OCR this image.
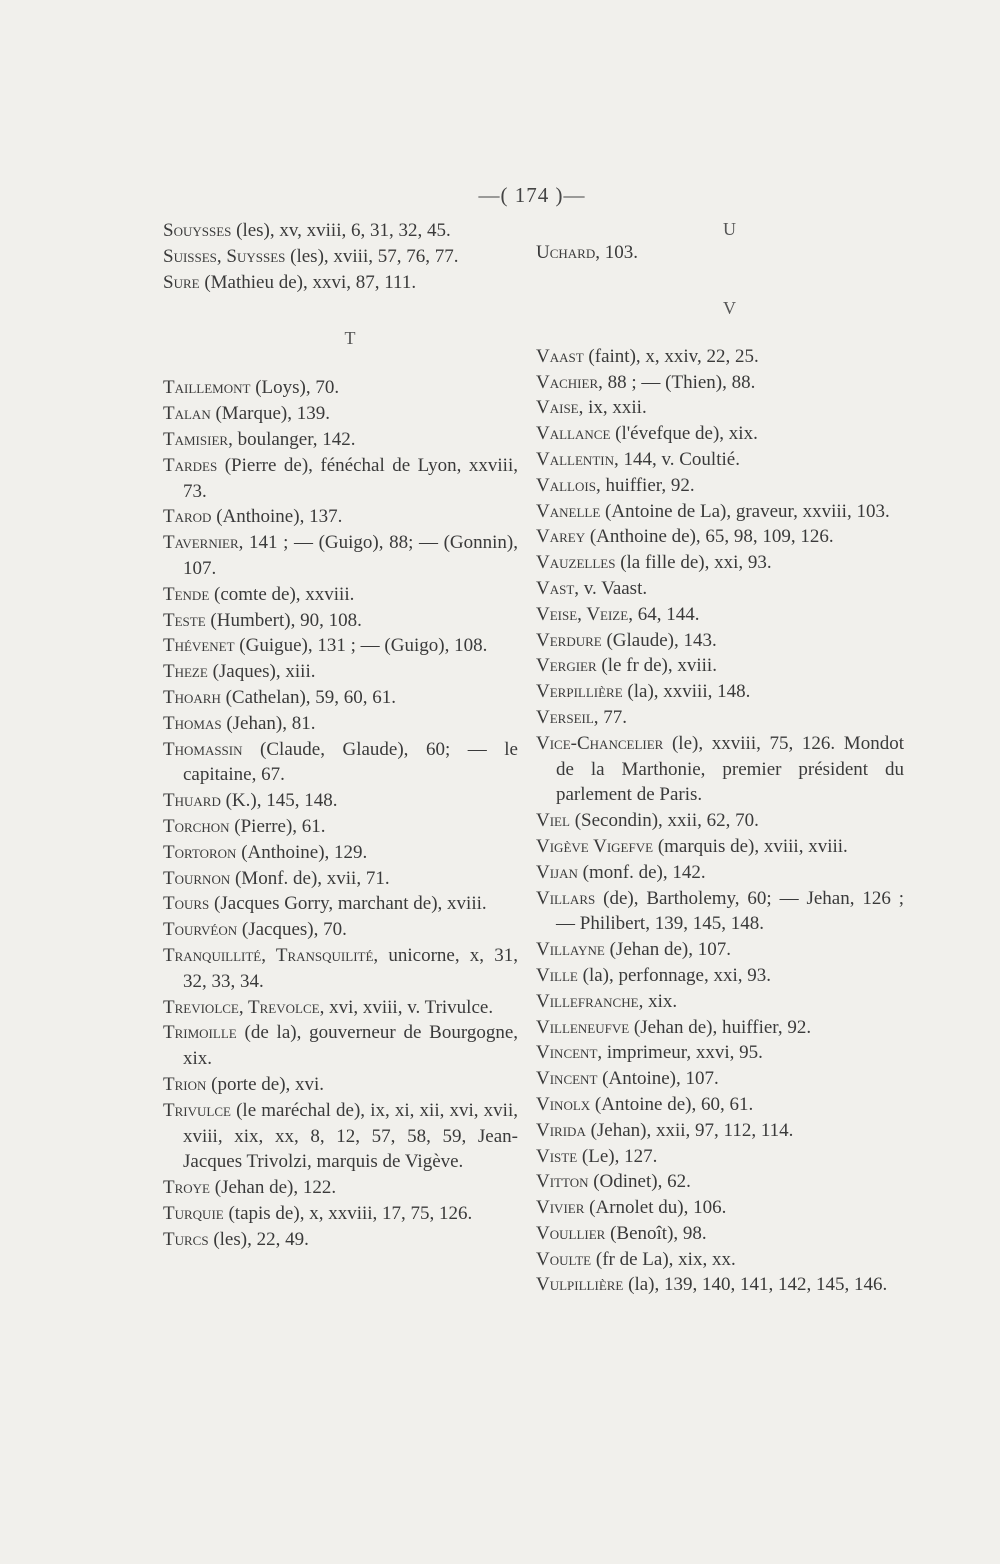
—( 174 )—

Souysses (les), xv, xviii, 6, 31, 32, 45.

Suisses, Suysses (les), xviii, 57, 76, 77.

Sure (Mathieu de), xxvi, 87, 111.

T

Taillemont (Loys), 70.

Talan (Marque), 139.

Tamisier, boulanger, 142.

Tardes (Pierre de), fénéchal de Lyon, xxviii, 73.

Tarod (Anthoine), 137.

Tavernier, 141 ; — (Guigo), 88; — (Gonnin), 107.

Tende (comte de), xxviii.

Teste (Humbert), 90, 108.

Thévenet (Guigue), 131 ; — (Guigo), 108.

Theze (Jaques), xiii.

Thoarh (Cathelan), 59, 60, 61.

Thomas (Jehan), 81.

Thomassin (Claude, Glaude), 60; — le capitaine, 67.

Thuard (K.), 145, 148.

Torchon (Pierre), 61.

Tortoron (Anthoine), 129.

Tournon (Monf. de), xvii, 71.

Tours (Jacques Gorry, marchant de), xviii.

Tourvéon (Jacques), 70.

Tranquillité, Transquilité, unicorne, x, 31, 32, 33, 34.

Treviolce, Trevolce, xvi, xviii, v. Trivulce.

Trimoille (de la), gouverneur de Bourgogne, xix.

Trion (porte de), xvi.

Trivulce (le maréchal de), ix, xi, xii, xvi, xvii, xviii, xix, xx, 8, 12, 57, 58, 59, Jean-Jacques Trivolzi, marquis de Vigève.

Troye (Jehan de), 122.

Turquie (tapis de), x, xxviii, 17, 75, 126.

Turcs (les), 22, 49.

U

Uchard, 103.

V

Vaast (faint), x, xxiv, 22, 25.

Vachier, 88 ; — (Thien), 88.

Vaise, ix, xxii.

Vallance (l'évefque de), xix.

Vallentin, 144, v. Coultié.

Vallois, huiffier, 92.

Vanelle (Antoine de La), graveur, xxviii, 103.

Varey (Anthoine de), 65, 98, 109, 126.

Vauzelles (la fille de), xxi, 93.

Vast, v. Vaast.

Veise, Veize, 64, 144.

Verdure (Glaude), 143.

Vergier (le fr de), xviii.

Verpillière (la), xxviii, 148.

Verseil, 77.

Vice-Chancelier (le), xxviii, 75, 126. Mondot de la Marthonie, premier président du parlement de Paris.

Viel (Secondin), xxii, 62, 70.

Vigève Vigefve (marquis de), xviii, xviii.

Vijan (monf. de), 142.

Villars (de), Bartholemy, 60; — Jehan, 126 ; — Philibert, 139, 145, 148.

Villayne (Jehan de), 107.

Ville (la), perfonnage, xxi, 93.

Villefranche, xix.

Villeneufve (Jehan de), huiffier, 92.

Vincent, imprimeur, xxvi, 95.

Vincent (Antoine), 107.

Vinolx (Antoine de), 60, 61.

Virida (Jehan), xxii, 97, 112, 114.

Viste (Le), 127.

Vitton (Odinet), 62.

Vivier (Arnolet du), 106.

Voullier (Benoît), 98.

Voulte (fr de La), xix, xx.

Vulpillière (la), 139, 140, 141, 142, 145, 146.
